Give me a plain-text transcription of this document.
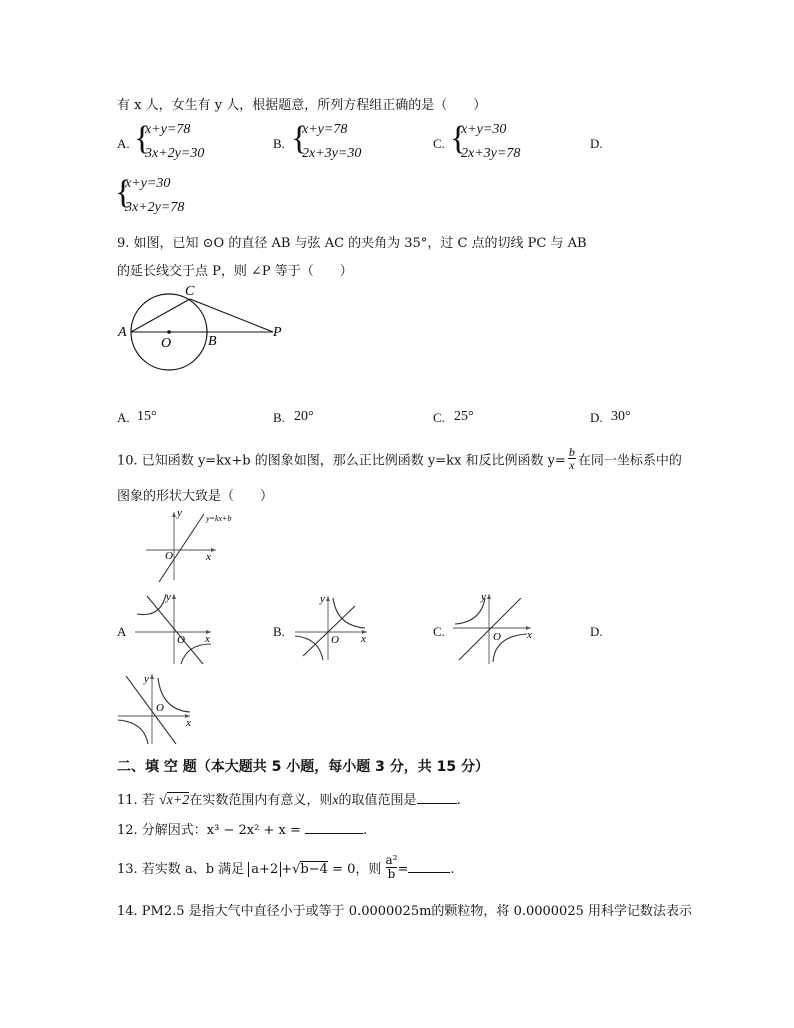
有 x 人，女生有 y 人，根据题意，所列方程组正确的是（　　）
A. {
x+y=78
3x+2y=30
B. {
x+y=78
2x+3y=30
C. {
x+y=30
2x+3y=78
D.
{
x+y=30
3x+2y=78
9. 如图，已知 ⊙O 的直径 AB 与弦 AC 的夹角为 35°，过 C 点的切线 PC 与 AB
的延长线交于点 P，则 ∠P 等于（　　）
A
C
O	B
P
A. 15°	B. 20°	C. 25°	D. 30°
10. 已知函数 y=kx+b 的图象如图，那么正比例函数 y=kx 和反比例函数 $y= \frac{b}{x}$ 在同一坐标系中的
图象的形状大致是（　　）
y
x
O
y=kx+b
A
y
x
O
B.
y
x
O
C.
y
x
O	D.
y
x
O
二、填 空 题（本大题共 5 小题，每小题 3 分，共 15 分）
11. 若 √x+2在实数范围内有意义，则x的取值范围是	.
12. 分解因式：x³ − 2x² + x =	.
13. 若实数 a、b 满足 a+2 +√b−4 = 0，则 $\frac{\text{a²}}{b}$ =	.
14. PM2.5 是指大气中直径小于或等于 0.0000025m的颗粒物，将 0.0000025 用科学记数法表示
